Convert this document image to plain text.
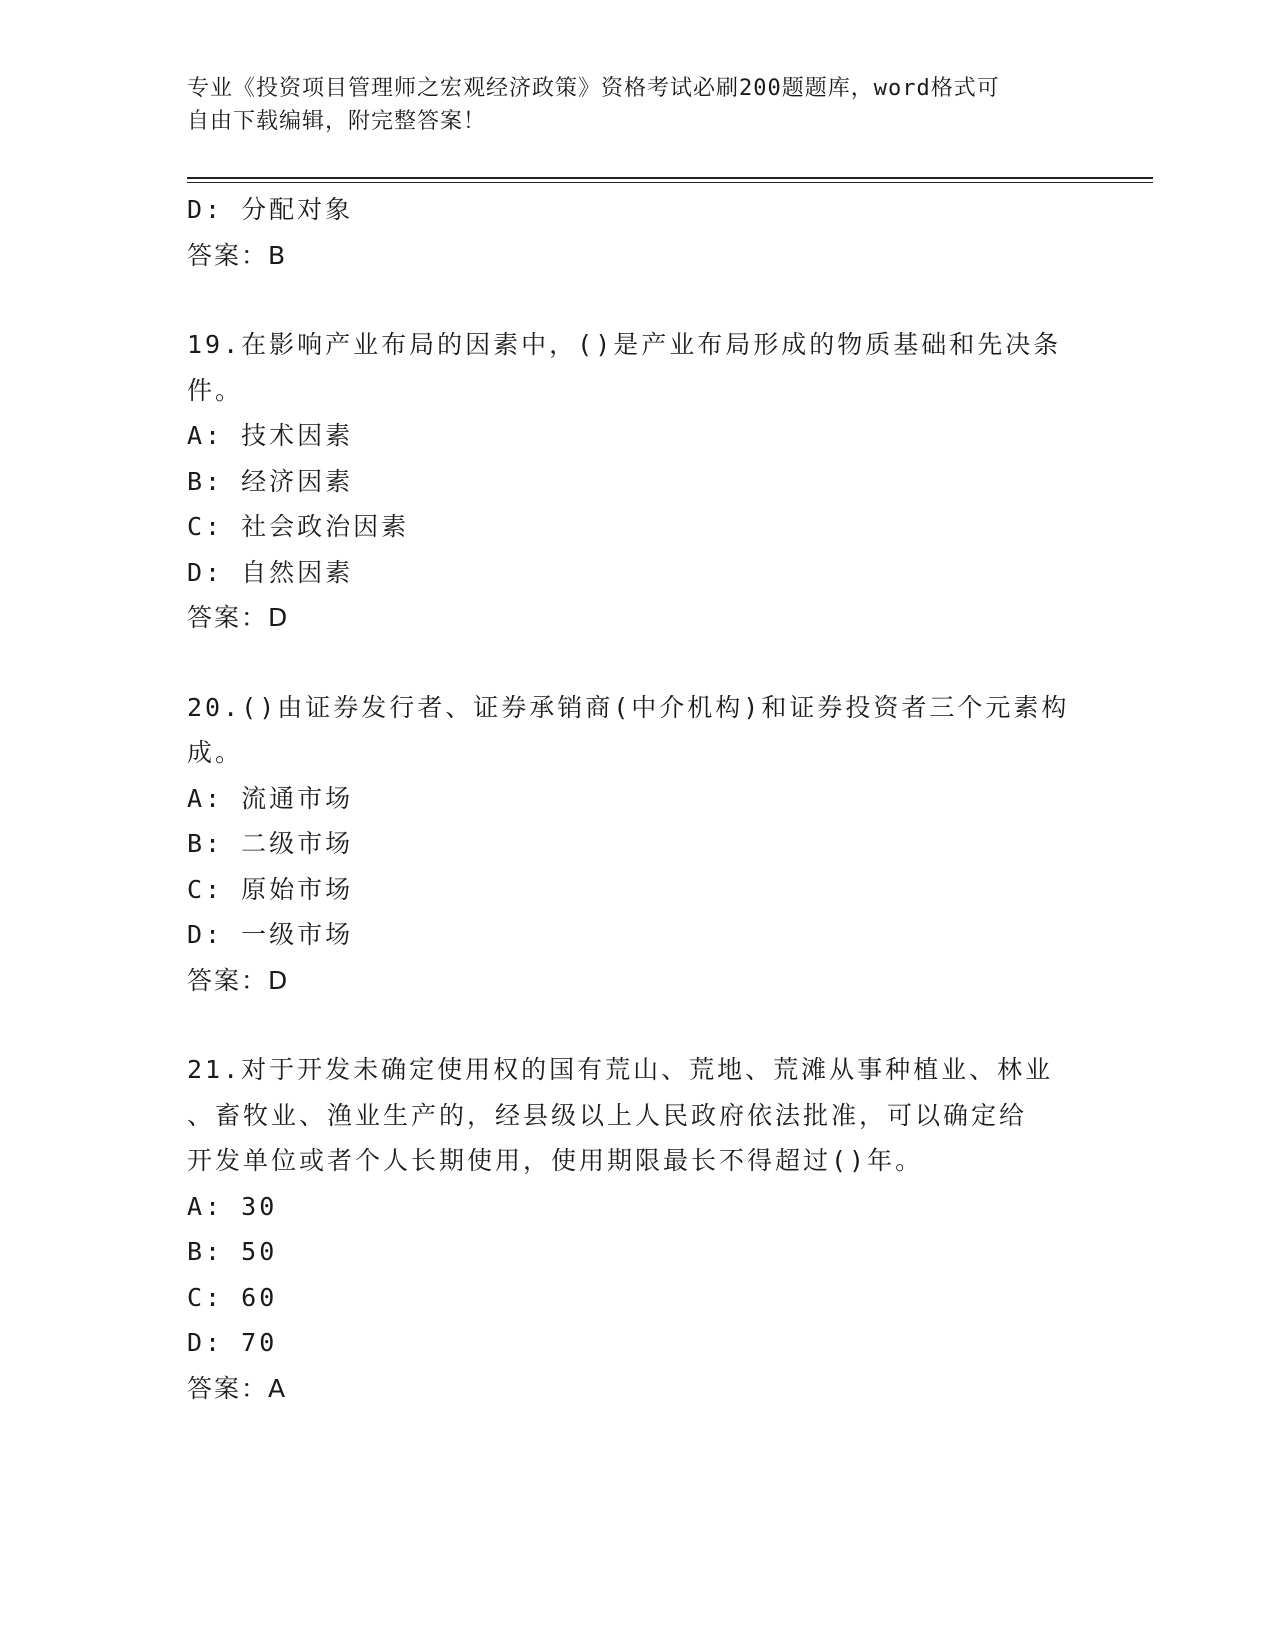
专业《投资项目管理师之宏观经济政策》资格考试必刷200题题库，word格式可
自由下载编辑，附完整答案！
D: 分配对象
答案：B
19.在影响产业布局的因素中，()是产业布局形成的物质基础和先决条
件。
A: 技术因素
B: 经济因素
C: 社会政治因素
D: 自然因素
答案：D
20.()由证券发行者、证券承销商(中介机构)和证券投资者三个元素构
成。
A: 流通市场
B: 二级市场
C: 原始市场
D: 一级市场
答案：D
21.对于开发未确定使用权的国有荒山、荒地、荒滩从事种植业、林业
、畜牧业、渔业生产的，经县级以上人民政府依法批准，可以确定给
开发单位或者个人长期使用，使用期限最长不得超过()年。
A: 30
B: 50
C: 60
D: 70
答案：A
